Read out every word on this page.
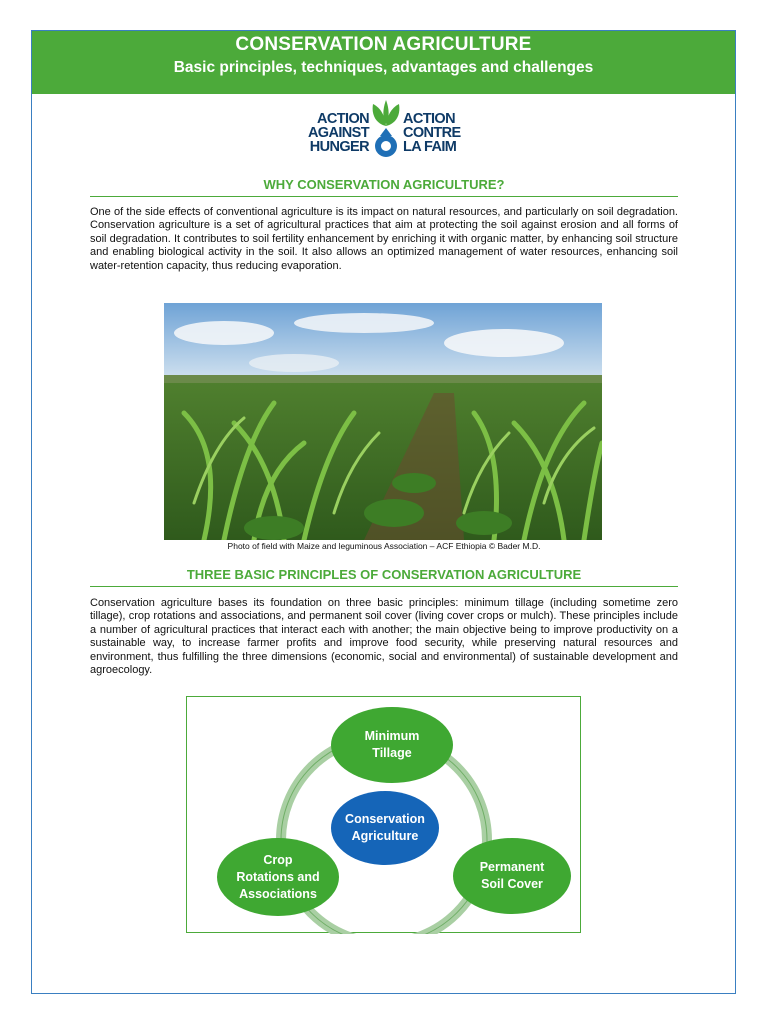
CONSERVATION AGRICULTURE
Basic principles, techniques, advantages and challenges
ACTION AGAINST HUNGER
ACTION CONTRE LA FAIM
WHY CONSERVATION AGRICULTURE?
One of the side effects of conventional agriculture is its impact on natural resources, and particularly on soil degradation. Conservation agriculture is a set of agricultural practices that aim at protecting the soil against erosion and all forms of soil degradation. It contributes to soil fertility enhancement by enriching it with organic matter, by enhancing soil structure and enabling biological activity in the soil. It also allows an optimized management of water resources, enhancing soil water-retention capacity, thus reducing evaporation.
Photo of field with Maize and leguminous Association – ACF Ethiopia © Bader M.D.
THREE BASIC PRINCIPLES OF CONSERVATION AGRICULTURE
Conservation agriculture bases its foundation on three basic principles: minimum tillage (including sometime zero tillage), crop rotations and associations, and permanent soil cover (living cover crops or mulch). These principles include a number of agricultural practices that interact each with another; the main objective being to improve productivity on a sustainable way, to increase farmer profits and improve food security, while preserving natural resources and environment, thus fulfilling the three dimensions (economic, social and environmental) of sustainable development and agroecology.
Minimum
Tillage
Conservation
Agriculture
Crop
Rotations and
Associations
Permanent
Soil Cover
